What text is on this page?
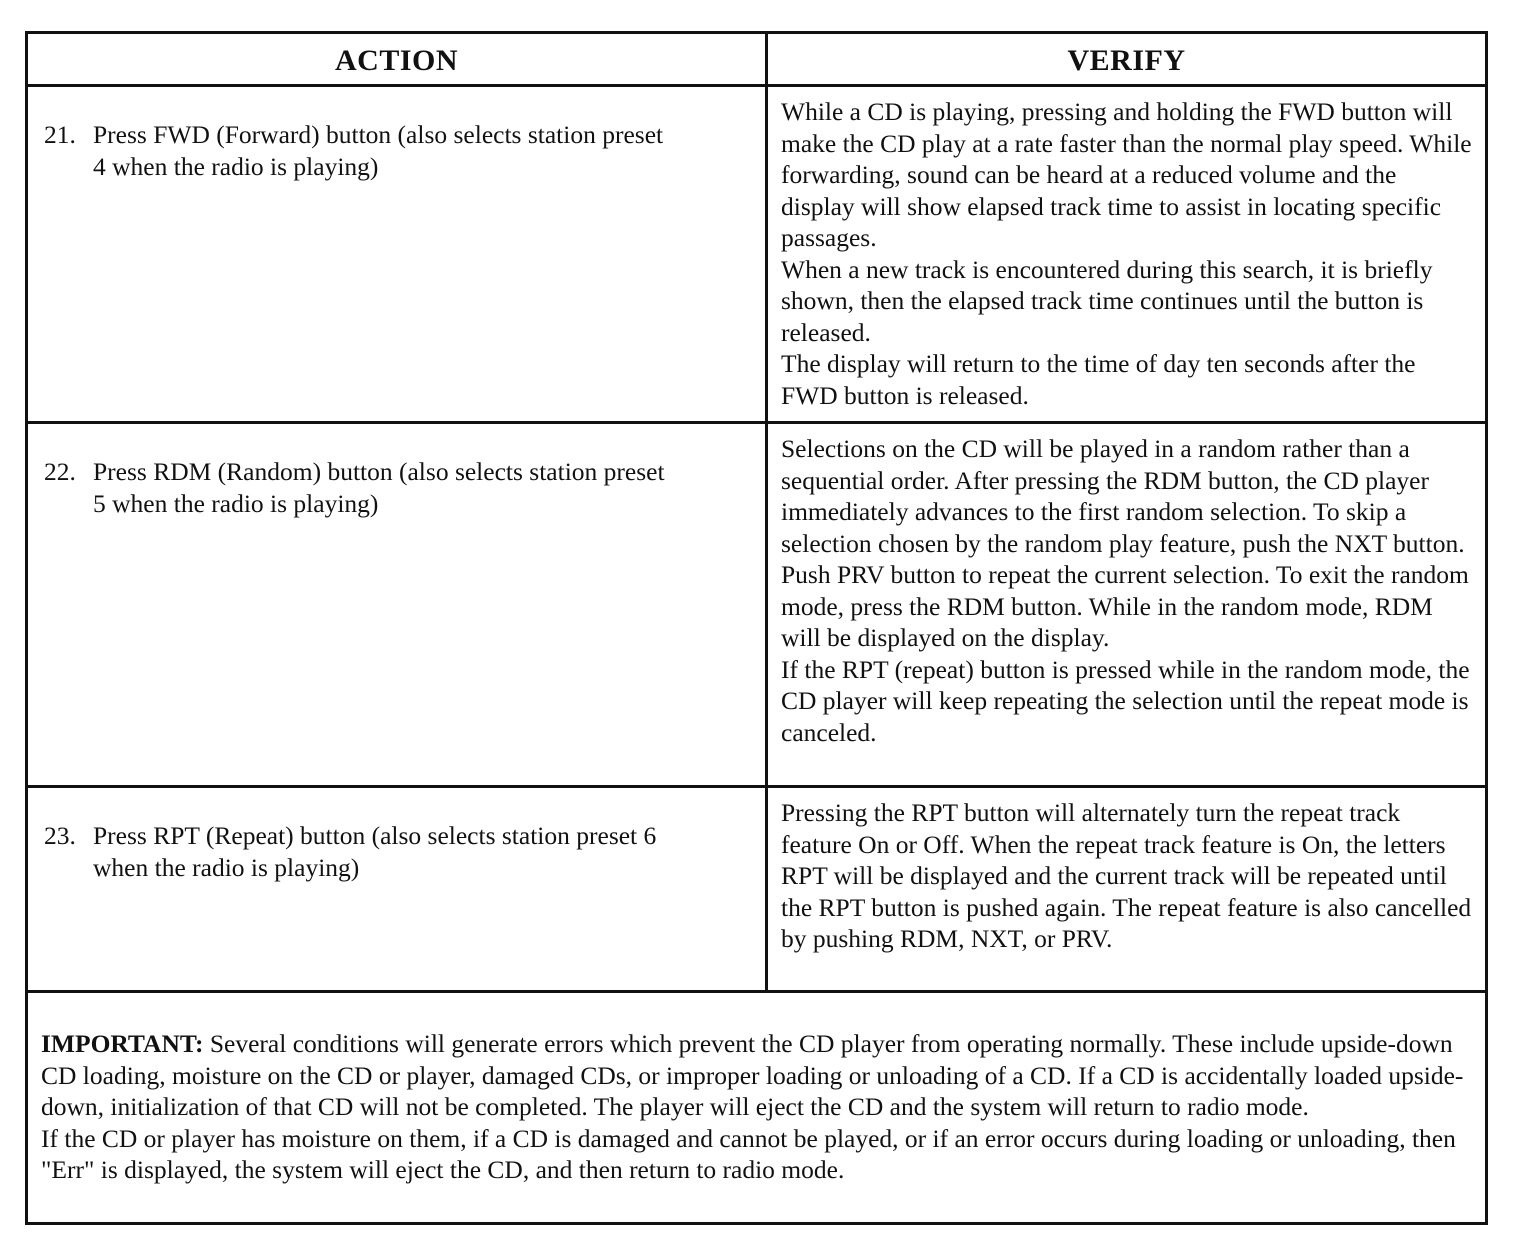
ACTION	VERIFY
21. Press FWD (Forward) button (also selects station preset
4 when the radio is playing)

While a CD is playing, pressing and holding the FWD button will make the CD play at a rate faster than the normal play speed. While forwarding, sound can be heard at a reduced volume and the display will show elapsed track time to assist in locating specific passages.

When a new track is encountered during this search, it is briefly shown, then the elapsed track time continues until the button is released.

The display will return to the time of day ten seconds after the FWD button is released.

22. Press RDM (Random) button (also selects station preset
5 when the radio is playing)

Selections on the CD will be played in a random rather than a sequential order. After pressing the RDM button, the CD player immediately advances to the first random selection. To skip a selection chosen by the random play feature, push the NXT button. Push PRV button to repeat the current selection. To exit the random mode, press the RDM button. While in the random mode, RDM will be displayed on the display.

If the RPT (repeat) button is pressed while in the random mode, the CD player will keep repeating the selection until the repeat mode is canceled.

23. Press RPT (Repeat) button (also selects station preset 6
when the radio is playing)

Pressing the RPT button will alternately turn the repeat track feature On or Off. When the repeat track feature is On, the letters RPT will be displayed and the current track will be repeated until the RPT button is pushed again. The repeat feature is also cancelled by pushing RDM, NXT, or PRV.

IMPORTANT: Several conditions will generate errors which prevent the CD player from operating normally. These include upside-down CD loading, moisture on the CD or player, damaged CDs, or improper loading or unloading of a CD. If a CD is accidentally loaded upside-down, initialization of that CD will not be completed. The player will eject the CD and the system will return to radio mode.

If the CD or player has moisture on them, if a CD is damaged and cannot be played, or if an error occurs during loading or unloading, then "Err" is displayed, the system will eject the CD, and then return to radio mode.
